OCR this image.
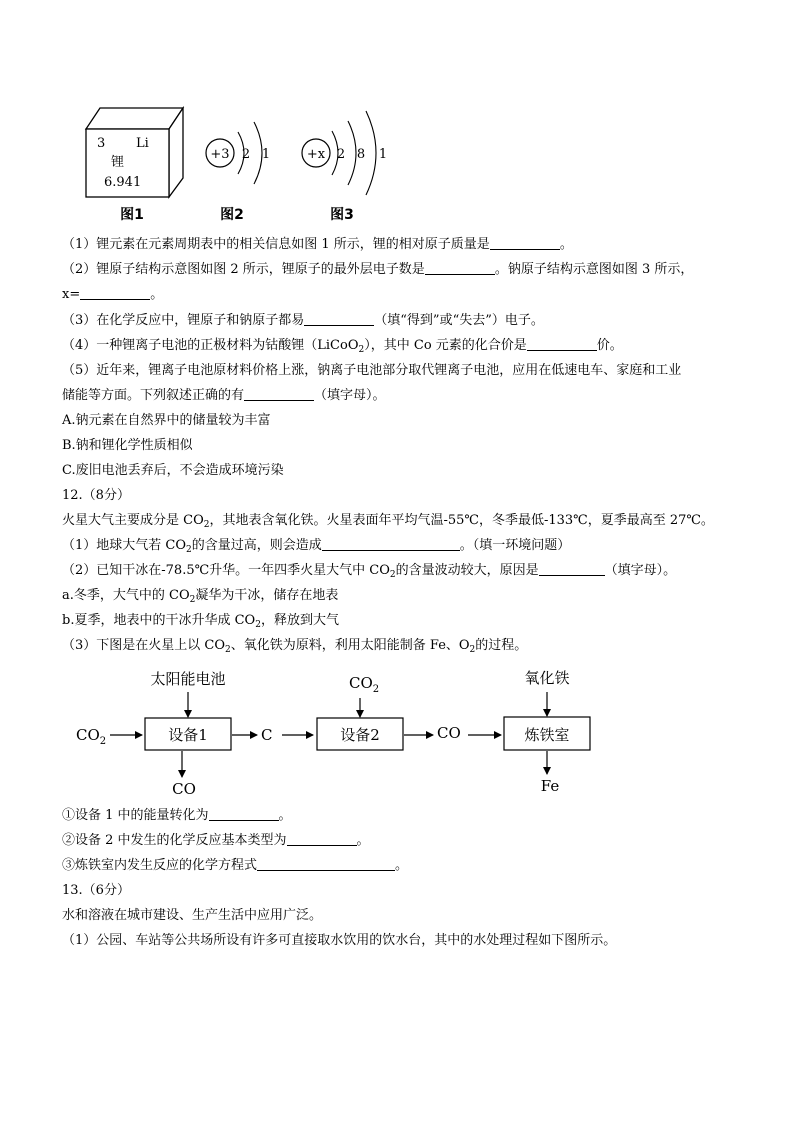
3 Li
锂
6.941
+3 2 1	+x 2 8 1
图1	图2	图3
（1）锂元素在元素周期表中的相关信息如图 1 所示，锂的相对原子质量是	。
（2）锂原子结构示意图如图 2 所示，锂原子的最外层电子数是	。钠原子结构示意图如图 3 所示，
x=	。
（3）在化学反应中，锂原子和钠原子都易	（填“得到”或“失去”）电子。
（4）一种锂离子电池的正极材料为钴酸锂（LiCoO$_2$），其中 Co 元素的化合价是	价。
（5）近年来，锂离子电池原材料价格上涨，钠离子电池部分取代锂离子电池，应用在低速电车、家庭和工业
储能等方面。下列叙述正确的有	（填字母）。
A.钠元素在自然界中的储量较为丰富
B.钠和锂化学性质相似
C.废旧电池丢弃后，不会造成环境污染
12.（8分）
火星大气主要成分是 $CO_2$，其地表含氧化铁。火星表面年平均气温-55℃，冬季最低-133℃，夏季最高至 27℃。
（1）地球大气若 $CO_2$的含量过高，则会造成	。（填一环境问题）
（2）已知干冰在-78.5℃升华。一年四季火星大气中 $CO_2$的含量波动较大，原因是	（填字母）。
a.冬季，大气中的 $CO_2$凝华为干冰，储存在地表
b.夏季，地表中的干冰升华成 $CO_2$，释放到大气
（3）下图是在火星上以 $CO_2$、氧化铁为原料，利用太阳能制备 Fe、$O_2$的过程。
$CO_2$
太阳能电池
设备1
CO
C
$CO_2$
设备2	CO
氧化铁
炼铁室
Fe
①设备 1 中的能量转化为	。
②设备 2 中发生的化学反应基本类型为	。
③炼铁室内发生反应的化学方程式	。
13.（6分）
水和溶液在城市建设、生产生活中应用广泛。
（1）公园、车站等公共场所设有许多可直接取水饮用的饮水台，其中的水处理过程如下图所示。
